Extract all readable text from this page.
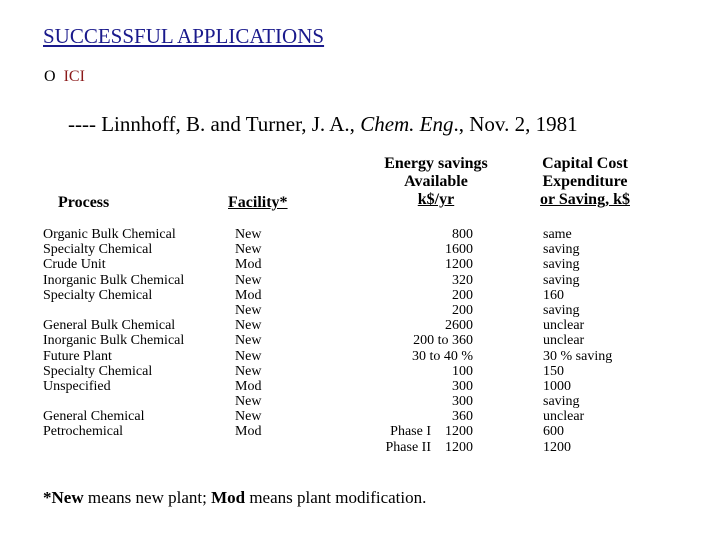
SUCCESSFUL APPLICATIONS
O ICI
---- Linnhoff, B. and Turner, J. A., Chem. Eng., Nov. 2, 1981
Process	Facility*
Energy savings
Available
k$/yr
Capital Cost
Expenditure
or Saving, k$
Organic Bulk Chemical
Specialty Chemical
Crude Unit
Inorganic Bulk Chemical
Specialty Chemical
General Bulk Chemical
Inorganic Bulk Chemical
Future Plant
Specialty Chemical
Unspecified
General Chemical
Petrochemical
New
New
Mod
New
Mod
New
New
New
New
New
Mod
New
New
Mod
800
1600
1200
320
200
200
2600
200 to 360
30 to 40 %
100
300
300
360
Phase I    1200
Phase II    1200
same
saving
saving
saving
160
saving
unclear
unclear
30 % saving
150
1000
saving
unclear
600
1200
*New means new plant; Mod means plant modification.
